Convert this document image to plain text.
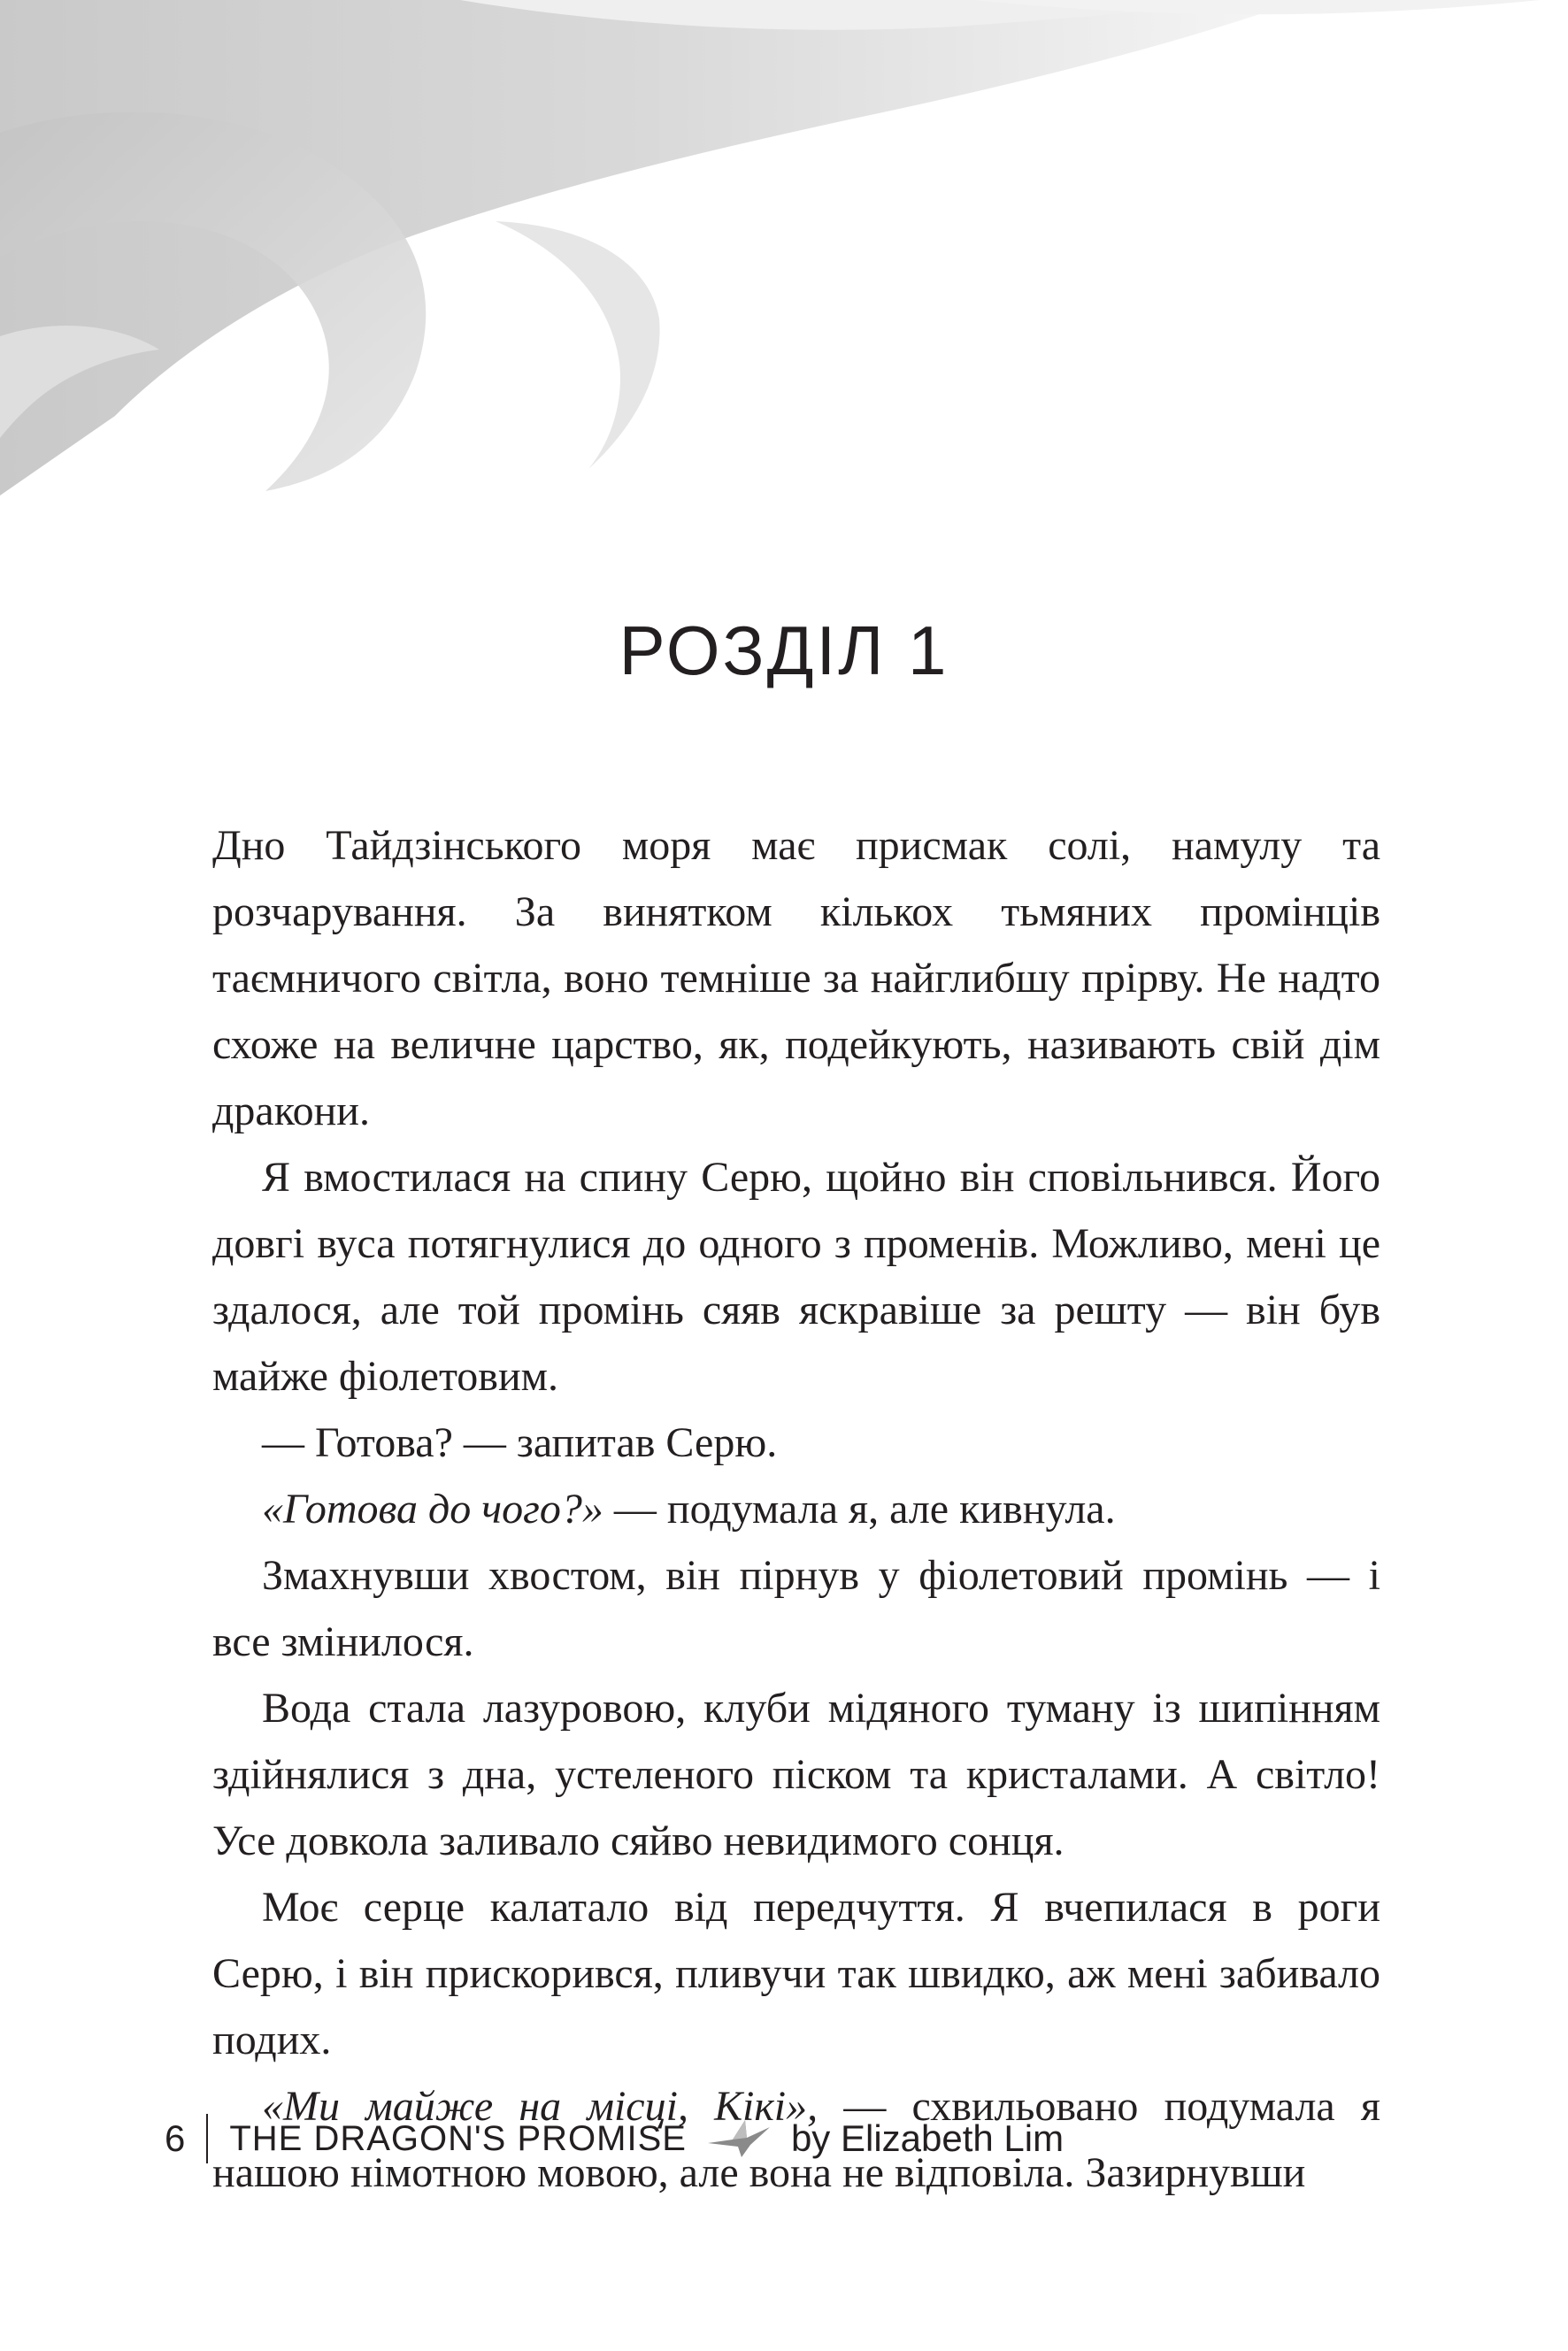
РОЗДІЛ 1

Дно Тайдзінського моря має присмак солі, намулу та розчарування. За винятком кількох тьмяних промінців таємничого світла, воно темніше за найглибшу прірву. Не надто схоже на величне царство, як, подейкують, називають свій дім дракони.

Я вмостилася на спину Серю, щойно він сповільнився. Його довгі вуса потягнулися до одного з променів. Можливо, мені це здалося, але той промінь сяяв яскравіше за решту — він був майже фіолетовим.

— Готова? — запитав Серю.

«Готова до чого?» — подумала я, але кивнула.

Змахнувши хвостом, він пірнув у фіолетовий промінь — і все змінилося.

Вода стала лазуровою, клуби мідяного туману із шипінням здійнялися з дна, устеленого піском та кристалами. А світло! Усе довкола заливало сяйво невидимого сонця.

Моє серце калатало від передчуття. Я вчепилася в роги Серю, і він прискорився, пливучи так швидко, аж мені забивало подих.

«Ми майже на місці, Кікі», — схвильовано подумала я нашою німотною мовою, але вона не відповіла. Зазирнувши

6 THE DRAGON'S PROMISE	by Elizabeth Lim
